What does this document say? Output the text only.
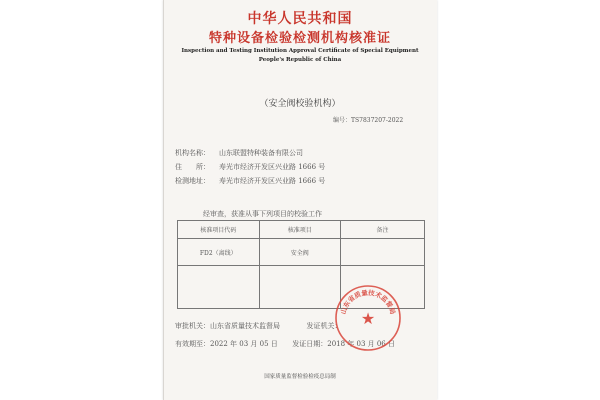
中华人民共和国
特种设备检验检测机构核准证
Inspection and Testing Institution Approval Certificate of Special Equipment
People's Republic of China
（安全阀校验机构）
编号：TS7837207-2022
机构名称： 山东联盟特种装备有限公司
住　　所： 寿光市经济开发区兴业路 1666 号
检测地址： 寿光市经济开发区兴业路 1666 号
经审查，获准从事下列项目的校验工作
核准项目代码	核准项目	备注
FD2（离线）	安全阀	

审批机关：山东省质量技术监督局	发证机关：
有效期至：2022 年 03 月 05 日 发证日期：2018 年 03 月 06 日
山东省质量技术监督局
★
国家质量监督检验检疫总局制
